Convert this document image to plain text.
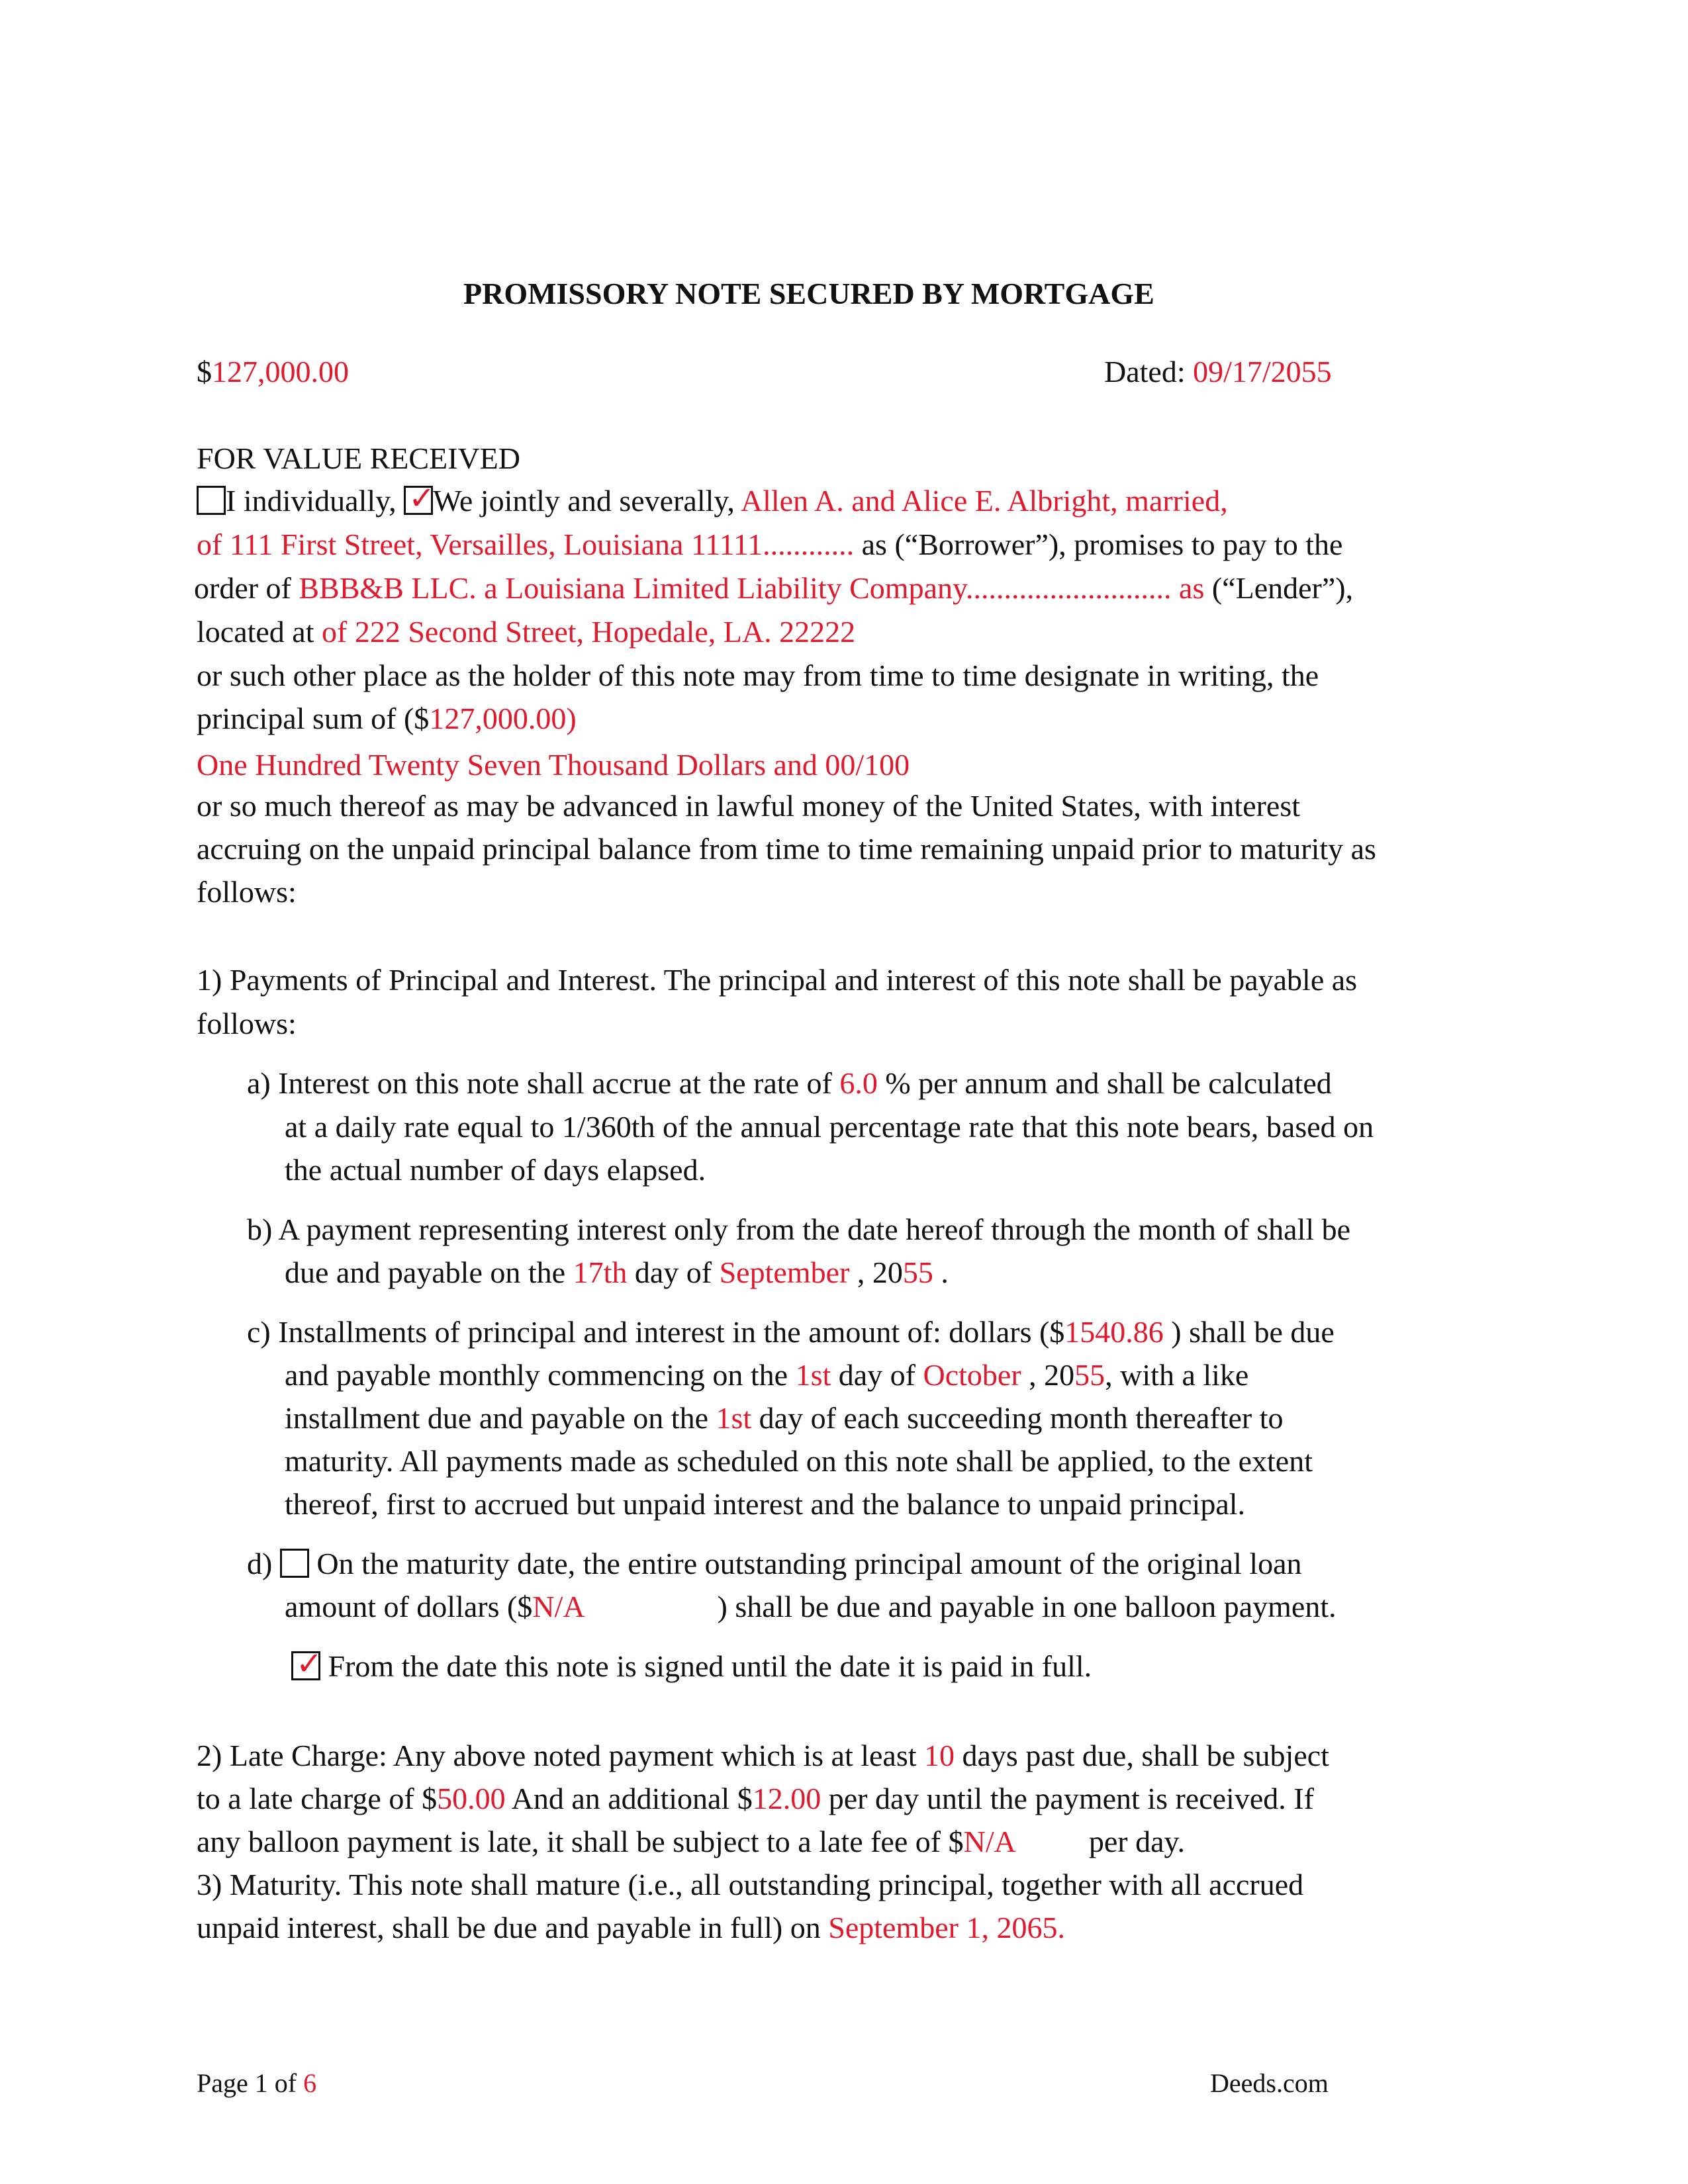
PROMISSORY NOTE SECURED BY MORTGAGE
$127,000.00	Dated: 09/17/2055
FOR VALUE RECEIVED
I individually, ✓
We jointly and severally, Allen A. and Alice E. Albright, married,
of 111 First Street, Versailles, Louisiana 11111............ as (“Borrower”), promises to pay to the
order of BBB&B LLC. a Louisiana Limited Liability Company........................... as (“Lender”),
located at of 222 Second Street, Hopedale, LA. 22222
or such other place as the holder of this note may from time to time designate in writing, the
principal sum of ($127,000.00)
One Hundred Twenty Seven Thousand Dollars and 00/100
or so much thereof as may be advanced in lawful money of the United States, with interest
accruing on the unpaid principal balance from time to time remaining unpaid prior to maturity as
follows:
1) Payments of Principal and Interest. The principal and interest of this note shall be payable as
follows:
a) Interest on this note shall accrue at the rate of 6.0 % per annum and shall be calculated
at a daily rate equal to 1/360th of the annual percentage rate that this note bears, based on
the actual number of days elapsed.
b) A payment representing interest only from the date hereof through the month of shall be
due and payable on the 17th day of September , 2055 .
c) Installments of principal and interest in the amount of: dollars ($1540.86 ) shall be due
and payable monthly commencing on the 1st day of October , 2055, with a like
installment due and payable on the 1st day of each succeeding month thereafter to
maturity. All payments made as scheduled on this note shall be applied, to the extent
thereof, first to accrued but unpaid interest and the balance to unpaid principal.
d) On the maturity date, the entire outstanding principal amount of the original loan
amount of dollars ($N/A	) shall be due and payable in one balloon payment.
✓ From the date this note is signed until the date it is paid in full.
2) Late Charge: Any above noted payment which is at least 10 days past due, shall be subject
to a late charge of $50.00 And an additional $12.00 per day until the payment is received. If
any balloon payment is late, it shall be subject to a late fee of $N/A per day.
3) Maturity. This note shall mature (i.e., all outstanding principal, together with all accrued
unpaid interest, shall be due and payable in full) on September 1, 2065.
Page 1 of 6	Deeds.com
